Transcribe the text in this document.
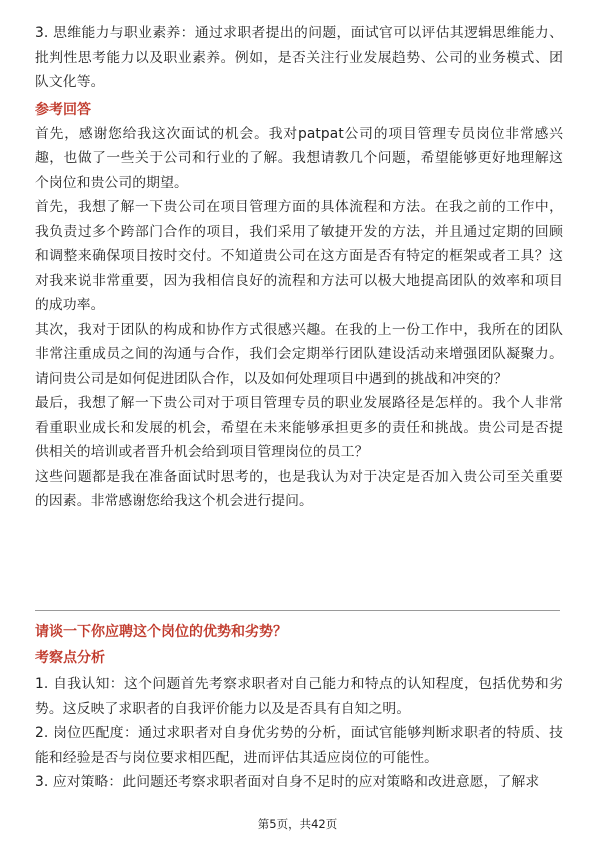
3. 思维能力与职业素养：通过求职者提出的问题，面试官可以评估其逻辑思维能力、批判性思考能力以及职业素养。例如，是否关注行业发展趋势、公司的业务模式、团队文化等。

参考回答

首先，感谢您给我这次面试的机会。我对patpat公司的项目管理专员岗位非常感兴趣，也做了一些关于公司和行业的了解。我想请教几个问题，希望能够更好地理解这个岗位和贵公司的期望。

首先，我想了解一下贵公司在项目管理方面的具体流程和方法。在我之前的工作中，我负责过多个跨部门合作的项目，我们采用了敏捷开发的方法，并且通过定期的回顾和调整来确保项目按时交付。不知道贵公司在这方面是否有特定的框架或者工具？这对我来说非常重要，因为我相信良好的流程和方法可以极大地提高团队的效率和项目的成功率。

其次，我对于团队的构成和协作方式很感兴趣。在我的上一份工作中，我所在的团队非常注重成员之间的沟通与合作，我们会定期举行团队建设活动来增强团队凝聚力。请问贵公司是如何促进团队合作，以及如何处理项目中遇到的挑战和冲突的？

最后，我想了解一下贵公司对于项目管理专员的职业发展路径是怎样的。我个人非常看重职业成长和发展的机会，希望在未来能够承担更多的责任和挑战。贵公司是否提供相关的培训或者晋升机会给到项目管理岗位的员工？

这些问题都是我在准备面试时思考的，也是我认为对于决定是否加入贵公司至关重要的因素。非常感谢您给我这个机会进行提问。

请谈一下你应聘这个岗位的优势和劣势？

考察点分析

1. 自我认知：这个问题首先考察求职者对自己能力和特点的认知程度，包括优势和劣势。这反映了求职者的自我评价能力以及是否具有自知之明。

2. 岗位匹配度：通过求职者对自身优劣势的分析，面试官能够判断求职者的特质、技能和经验是否与岗位要求相匹配，进而评估其适应岗位的可能性。

3. 应对策略：此问题还考察求职者面对自身不足时的应对策略和改进意愿，了解求

第5页，共42页
